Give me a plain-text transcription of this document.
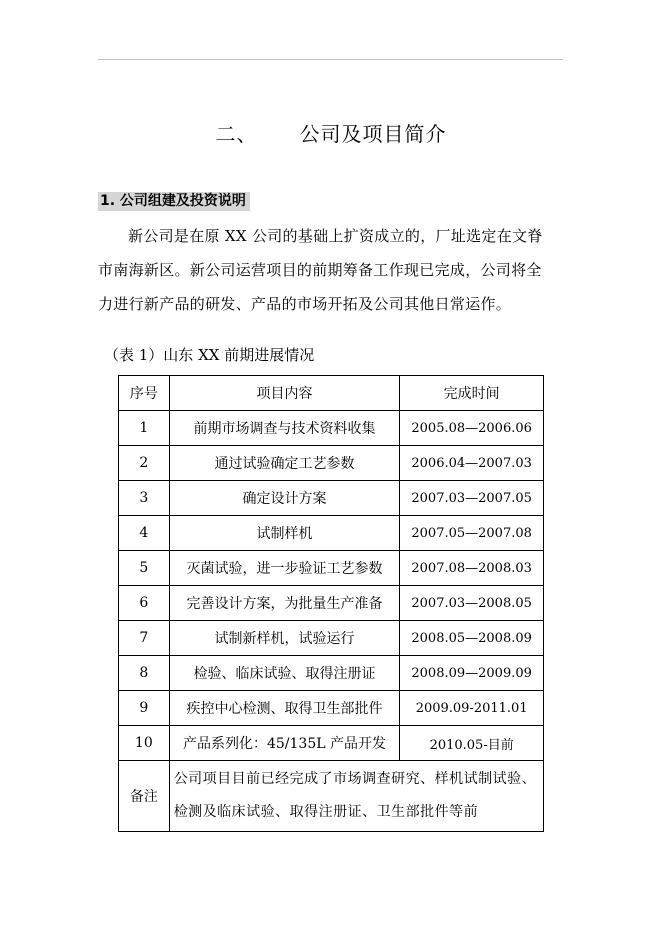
二、 公司及项目简介
1. 公司组建及投资说明
新公司是在原 XX 公司的基础上扩资成立的，厂址选定在文脊
市南海新区。新公司运营项目的前期筹备工作现已完成，公司将全
力进行新产品的研发、产品的市场开拓及公司其他日常运作。
（表 1）山东 XX 前期进展情况
序号	项目内容	完成时间
1	前期市场调查与技术资料收集	2005.08—2006.06
2	通过试验确定工艺参数	2006.04—2007.03
3	确定设计方案	2007.03—2007.05
4	试制样机	2007.05—2007.08
5	灭菌试验，进一步验证工艺参数	2007.08—2008.03
6	完善设计方案，为批量生产准备	2007.03—2008.05
7	试制新样机，试验运行	2008.05—2008.09
8	检验、临床试验、取得注册证	2008.09—2009.09
9	疾控中心检测、取得卫生部批件	2009.09-2011.01
10	产品系列化：45/135L 产品开发	2010.05-目前
备注	公司项目目前已经完成了市场调查研究、样机试制试验、检测及临床试验、取得注册证、卫生部批件等前	
